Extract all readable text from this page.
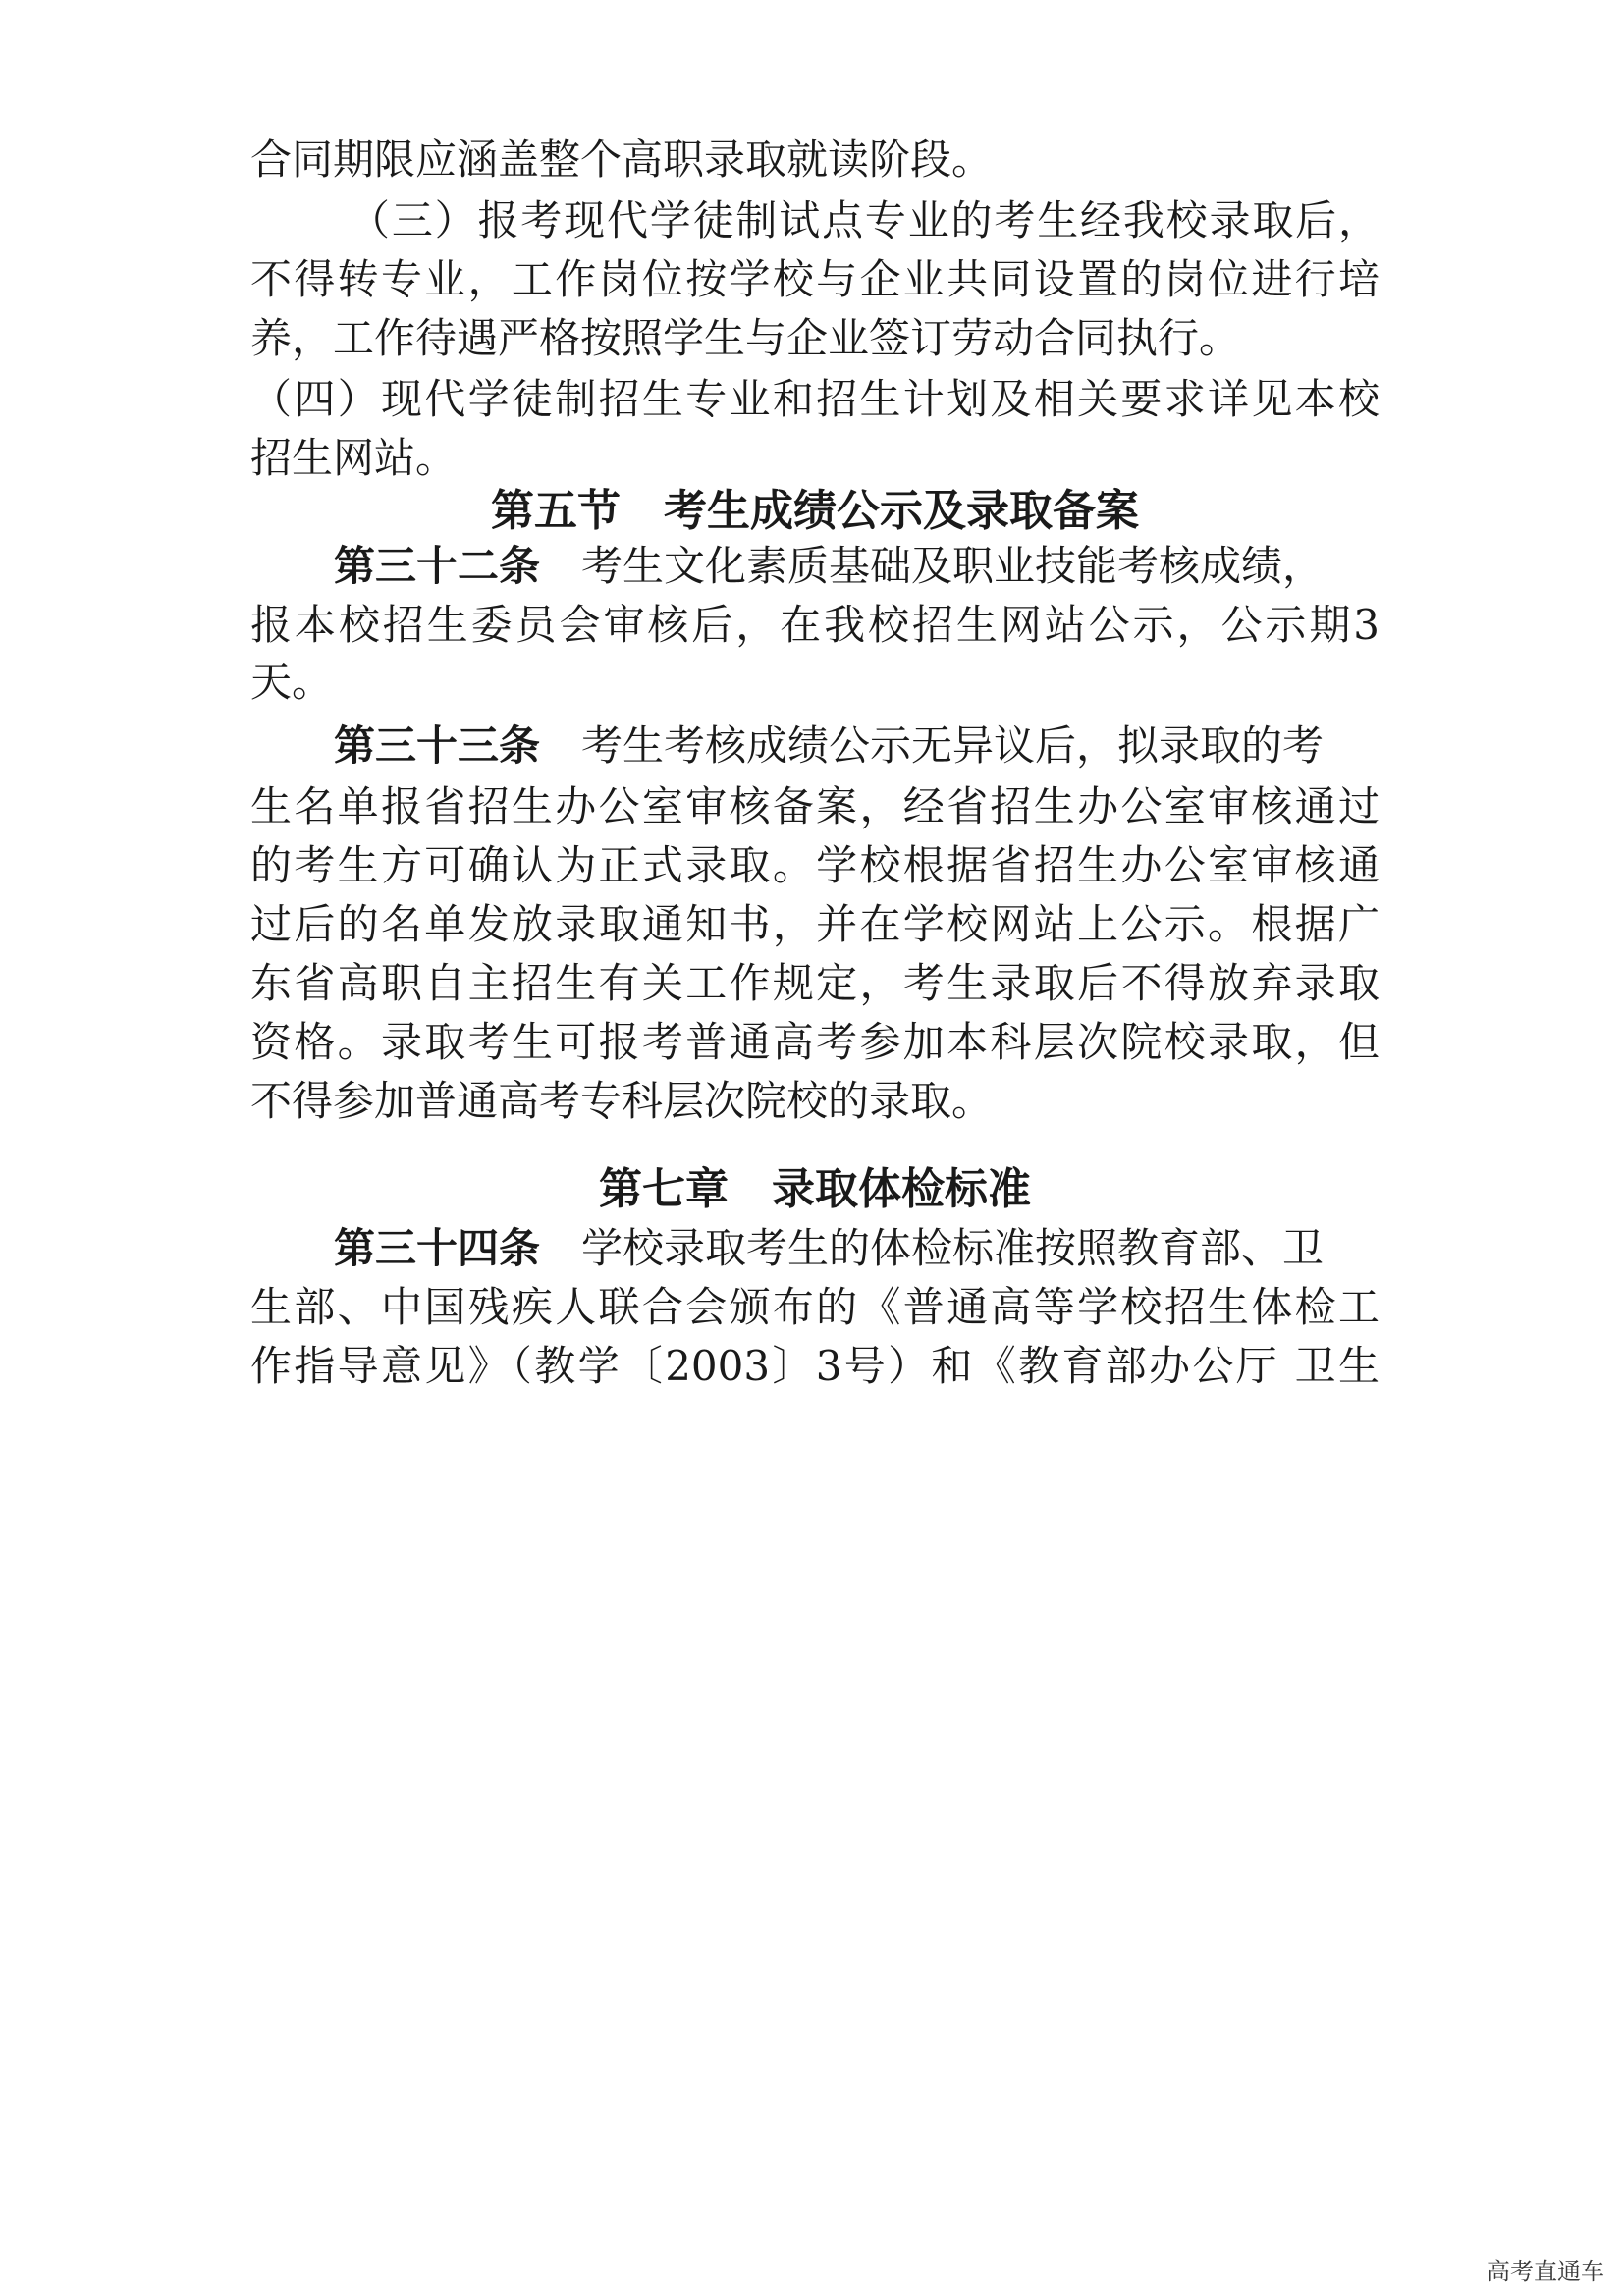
合同期限应涵盖整个高职录取就读阶段。
（三）报考现代学徒制试点专业的考生经我校录取后，
不得转专业，工作岗位按学校与企业共同设置的岗位进行培
养，工作待遇严格按照学生与企业签订劳动合同执行。
（四）现代学徒制招生专业和招生计划及相关要求详见本校
招生网站。
第五节　考生成绩公示及录取备案
第三十二条 考生文化素质基础及职业技能考核成绩，
报本校招生委员会审核后，在我校招生网站公示，公示期3
天。
第三十三条 考生考核成绩公示无异议后，拟录取的考
生名单报省招生办公室审核备案，经省招生办公室审核通过
的考生方可确认为正式录取。学校根据省招生办公室审核通
过后的名单发放录取通知书，并在学校网站上公示。根据广
东省高职自主招生有关工作规定，考生录取后不得放弃录取
资格。录取考生可报考普通高考参加本科层次院校录取，但
不得参加普通高考专科层次院校的录取。
第七章　录取体检标准
第三十四条 学校录取考生的体检标准按照教育部、卫
生部、中国残疾人联合会颁布的《普通高等学校招生体检工
作指导意见》（教学〔2003〕3号）和《教育部办公厅 卫生
高考直通车
